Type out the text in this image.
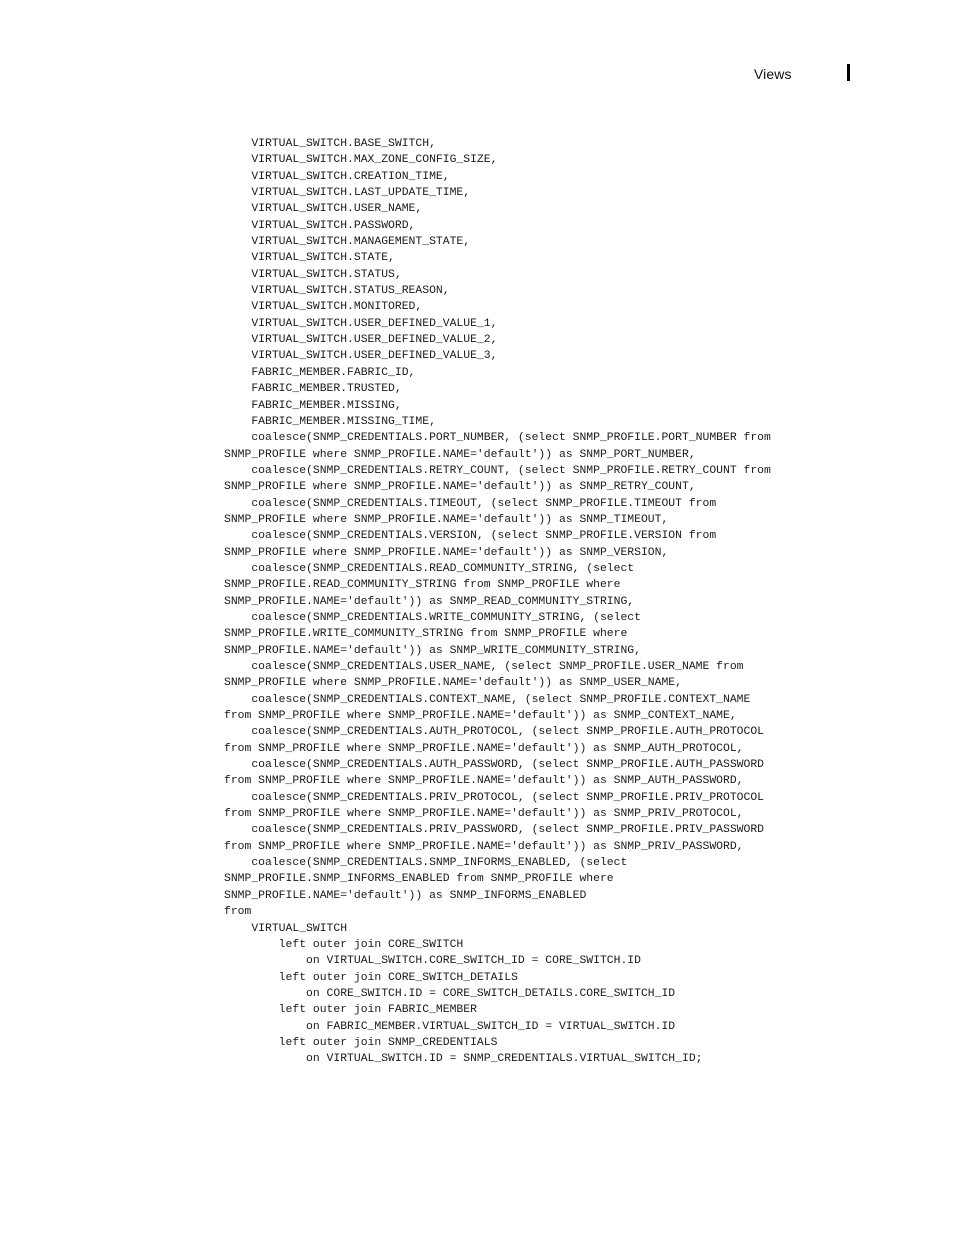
Views
VIRTUAL_SWITCH.BASE_SWITCH,
VIRTUAL_SWITCH.MAX_ZONE_CONFIG_SIZE,
VIRTUAL_SWITCH.CREATION_TIME,
VIRTUAL_SWITCH.LAST_UPDATE_TIME,
VIRTUAL_SWITCH.USER_NAME,
VIRTUAL_SWITCH.PASSWORD,
VIRTUAL_SWITCH.MANAGEMENT_STATE,
VIRTUAL_SWITCH.STATE,
VIRTUAL_SWITCH.STATUS,
VIRTUAL_SWITCH.STATUS_REASON,
VIRTUAL_SWITCH.MONITORED,
VIRTUAL_SWITCH.USER_DEFINED_VALUE_1,
VIRTUAL_SWITCH.USER_DEFINED_VALUE_2,
VIRTUAL_SWITCH.USER_DEFINED_VALUE_3,
FABRIC_MEMBER.FABRIC_ID,
FABRIC_MEMBER.TRUSTED,
FABRIC_MEMBER.MISSING,
FABRIC_MEMBER.MISSING_TIME,
coalesce(SNMP_CREDENTIALS.PORT_NUMBER, (select SNMP_PROFILE.PORT_NUMBER from
SNMP_PROFILE where SNMP_PROFILE.NAME='default')) as SNMP_PORT_NUMBER,
coalesce(SNMP_CREDENTIALS.RETRY_COUNT, (select SNMP_PROFILE.RETRY_COUNT from
SNMP_PROFILE where SNMP_PROFILE.NAME='default')) as SNMP_RETRY_COUNT,
coalesce(SNMP_CREDENTIALS.TIMEOUT, (select SNMP_PROFILE.TIMEOUT from
SNMP_PROFILE where SNMP_PROFILE.NAME='default')) as SNMP_TIMEOUT,
coalesce(SNMP_CREDENTIALS.VERSION, (select SNMP_PROFILE.VERSION from
SNMP_PROFILE where SNMP_PROFILE.NAME='default')) as SNMP_VERSION,
coalesce(SNMP_CREDENTIALS.READ_COMMUNITY_STRING, (select
SNMP_PROFILE.READ_COMMUNITY_STRING from SNMP_PROFILE where
SNMP_PROFILE.NAME='default')) as SNMP_READ_COMMUNITY_STRING,
coalesce(SNMP_CREDENTIALS.WRITE_COMMUNITY_STRING, (select
SNMP_PROFILE.WRITE_COMMUNITY_STRING from SNMP_PROFILE where
SNMP_PROFILE.NAME='default')) as SNMP_WRITE_COMMUNITY_STRING,
coalesce(SNMP_CREDENTIALS.USER_NAME, (select SNMP_PROFILE.USER_NAME from
SNMP_PROFILE where SNMP_PROFILE.NAME='default')) as SNMP_USER_NAME,
coalesce(SNMP_CREDENTIALS.CONTEXT_NAME, (select SNMP_PROFILE.CONTEXT_NAME
from SNMP_PROFILE where SNMP_PROFILE.NAME='default')) as SNMP_CONTEXT_NAME,
coalesce(SNMP_CREDENTIALS.AUTH_PROTOCOL, (select SNMP_PROFILE.AUTH_PROTOCOL
from SNMP_PROFILE where SNMP_PROFILE.NAME='default')) as SNMP_AUTH_PROTOCOL,
coalesce(SNMP_CREDENTIALS.AUTH_PASSWORD, (select SNMP_PROFILE.AUTH_PASSWORD
from SNMP_PROFILE where SNMP_PROFILE.NAME='default')) as SNMP_AUTH_PASSWORD,
coalesce(SNMP_CREDENTIALS.PRIV_PROTOCOL, (select SNMP_PROFILE.PRIV_PROTOCOL
from SNMP_PROFILE where SNMP_PROFILE.NAME='default')) as SNMP_PRIV_PROTOCOL,
coalesce(SNMP_CREDENTIALS.PRIV_PASSWORD, (select SNMP_PROFILE.PRIV_PASSWORD
from SNMP_PROFILE where SNMP_PROFILE.NAME='default')) as SNMP_PRIV_PASSWORD,
coalesce(SNMP_CREDENTIALS.SNMP_INFORMS_ENABLED, (select
SNMP_PROFILE.SNMP_INFORMS_ENABLED from SNMP_PROFILE where
SNMP_PROFILE.NAME='default')) as SNMP_INFORMS_ENABLED
from
VIRTUAL_SWITCH
left outer join CORE_SWITCH
on VIRTUAL_SWITCH.CORE_SWITCH_ID = CORE_SWITCH.ID
left outer join CORE_SWITCH_DETAILS
on CORE_SWITCH.ID = CORE_SWITCH_DETAILS.CORE_SWITCH_ID
left outer join FABRIC_MEMBER
on FABRIC_MEMBER.VIRTUAL_SWITCH_ID = VIRTUAL_SWITCH.ID
left outer join SNMP_CREDENTIALS
on VIRTUAL_SWITCH.ID = SNMP_CREDENTIALS.VIRTUAL_SWITCH_ID;
